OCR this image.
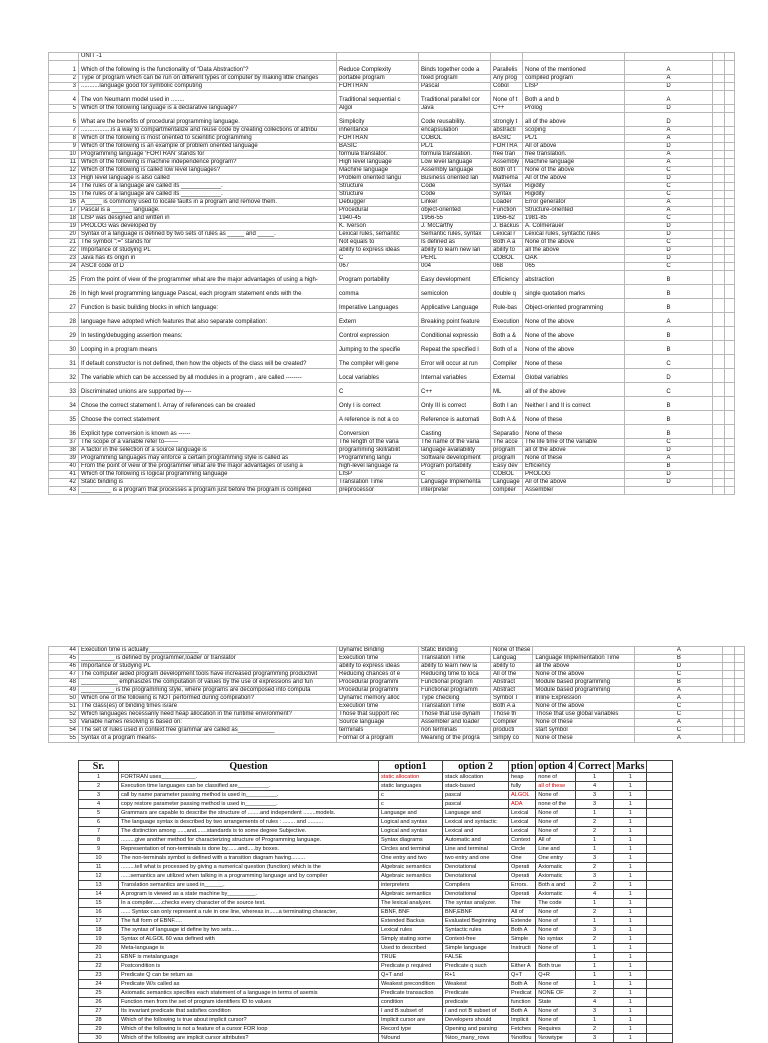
	UNIT -1							
1	Which of the following is the functionality of “Data Abstraction”?	Reduce Complexity	Binds together code a	Parallelis	None of the mentioned	A		
2	Type of program which can be run on different types of computer by making little changes	portable program	fixed program	Any prog	compiled program	A		
3	...........language good for symbolic computing	FORTRAN	Pascal	Cobol	LISP	D		
4	The von Neumann model used in ........	Traditional sequential c	Traditional parallel cor	None of t	Both a and b	A		
5	Which of the following language is a declarative language?	Algol	Java	C++	Prolog	D		
6	What are the benefits of procedural programming language.	Simplicity	Code reusability.	strongly t	all of the above	D		
7	..................is a way to compartmentalize and reuse code by creating collections of attribu	inheritance	encapsulation	abstracti	scoping	A		
8	Which of the following is most oriented to scientific programming	FORTRAN	COBOL	BASIC	PL/1	A		
9	Which of the following is an example of problem oriented language	BASIC	PL/1	FORTRA	All of above	D		
10	Programming language ‘FORTRAN’ stands for	formula translator.	formula translation.	free tran	free translation.	A		
11	Which of the following is machine independence program?	High level language	Low level language	Assembly	Machine language	A		
12	Which of the following is called low level languages?	Machine language	Assembly language	Both of t	None of the above	C		
13	High level language is also called	Problem oriented langu	Business oriented lan	Mathema	All of the above	D		
14	The rules of a language are called its ____________.	Structure	Code	Syntax	Rigidity	C		
15	The rules of a language are called its ____________.	Structure	Code	Syntax	Rigidity	C		
16	A_____ is commonly used to locate faults in a program and remove them.	Debugger	Linker	Loader	Error generator	A		
17	Pascal is a ______ language.	Procedural	object-oriented	Function	Structure-oriented	A		
18	LISP was designed and written in	1940-45	1956-55	1956-62	1981-85	C		
19	PROLOG was developed by	K. Iverson	J. McCarthy	J. Backus	A. Colmerauer	D		
20	Syntax of a language is defined by two sets of rules as _____ and _____.	Lexical rules, semantic	Semantic rules, syntax	Lexical r	Lexical rules, syntactic rules	D		
21	The symbol ":=" stands for	Not equals to	Is defined as	Both A a	None of the above	C		
22	Importance of studying PL	ability to express ideas	ability to learn new lan	ability to	all the above	D		
23	Java has its origin in	C	PERL	COBOL	OAK	D		
24	ASCII code of D	067	004	068	065	C		
25	From the point of view of the programmer what are the major advantages of using a high-	Program portability	Easy development	Efficiency	abstraction	B		
26	In high level programming language Pascal, each program statement ends with the	comma	semicolon	double q	single quotation marks	B		
27	Function is basic building blocks in which language:	Imperative Languages	Applicative Language	Rule-bas	Object-oriented programming	B		
28	language have adopted which features that also separate compilation:	Extern	Breaking point feature	Execution	None of the above	A		
29	In testing/debugging assertion means:	Control expression	Conditional expressio	Both a &	None of the above	B		
30	Looping in a program means	Jumping to the specifie	Repeat the specified l	Both of a	None of the above	B		
31	If default constructor is not defined, then how the objects of the class will be created?	The compiler will gene	Error will occur at run	Compiler	None of these	C		
32	The variable which can be accessed by all modules in a program , are called --------	Local variables	Internal variables	External	Global variables	D		
33	Discriminated unions are supported by----	C	C++	ML	all of the above	C		
34	Chose the correct statement I. Array of references can be created	Only I is correct	Only III is correct	Both I an	Neither I and II is correct	B		
35	Choose the correct statement	A reference is not a co	Reference is automati	Both A &	None of these	B		
36	Explicit type conversion is known as ------	Conversion	Casting	Separatio	None of these	B		
37	The scope of a variable refer to-------	The length of the varia	The name of the varia	The acce	The life time of the variable	C		
38	A factor in the selection of a source language is	programming skill/abilit	language availability	program	all of the above	D		
39	Programming languages may enforce a certain programming style is called as	Programming langu	Software development	program	None of these	A		
40	From the point of view of the programmer what are the major advantages of using a	high-level language ra	Program portability	Easy dev	Efficiency	B		
41	Which of the following is logical programming language	LISP	C	COBOL	PROLOG	D		
42	Static binding is	Translation Time	Language Implementa	Language	All of the above	D		
43	_________ is a program that processes a program just before the program is compiled	preprocessor	interpreter	compiler	Assembler			
44	Execution time is actually_______________	Dynamic Binding	Static Binding	None of these		A		
45	__________ is defined by programmer,loader or translator	Execution time	Translation Time	Languag	Language Implementation Time	B		
46	Importance of studying PL	ability to express ideas	ability to learn new la	ability to	all the above	D		
47	The computer aided program development tools have increased programming productivit	Reducing chances of e	Reducing time to loca	All of the	None of the above	C		
48	___________ emphasizes the computation of values by the use of expressions and fun	Procedural programmi	Functional program	Abstract	Module based programming	B		
49	__________ is the programming style, where programs are decomposed into computa	Procedural programmi	Functional programm	Abstract	Module based programming	A		
50	Which one of the following is NOT performed during compilation?	Dynamic memory alloc	Type checking	Symbol T	Inline Expression	A		
51	The class(es) of binding times is/are	Execution time	Translation Time	Both A a	None of the above	C		
52	Which languages necessarily need heap allocation in the runtime environment?	Those that support rec	Those that use dynam	Those th	Those that use global variables	C		
53	Variable names resolving is based on:	Source language	Assembler and loader	Compiler	None of these	A		
54	The set of rules used in context free grammar are called as___________	terminals	non terminals	producti	start symbol	C		
55	Syntax of a program means-	Formal of a program	Meaning of the progra	Simply co	None of these	A		
Sr.	Question	option1	option 2	ption	option 4	Correct	Marks	
1	FORTRAN uses___________.	static allocation	stack allocation	heap	none of	1	1	
2	Execution time languages can be classified are__________.	static languages	stack-based	fully	all of these	4	1	
3	call by name parameter passing method is used in__________.	c	pascal	ALGOL	None of	3	1	
4	copy restore parameter passing method is used in__________.	c	pascal	ADA	none of the	3	1	
5	Grammars are capable to describe the structure of ........and independent ........models.	Language and	Language and	Lexical	None of	1	1	
6	The language syntax is described by two arrangements of rules : ........ and ..........	Logical and syntax	Lexical and syntactic	Lexical	None of	2	1	
7	The distinction among ......and.......standards is to some degree Subjective.	Logical and syntax	Lexical and	Lexical	None of	2	1	
8	.........give another method for characterizing structure of Programming language.	Syntax diagrams	Automatic and	Context	All of	1	1	
9	Representation of non-terminals is done by.......and.....by boxes.	Circles and terminal	Line and terminal	Circle	Line and	1	1	
10	The non-terminals symbol is defined with a transition diagram having.........	One entry and two	two entry and one	One	One entry	3	1	
11	.........tell what is processed by giving a numerical question (function) which is the	Algebraic semantics	Denotational	Operati	Axiomatic	2	1	
12	......semantics are utilized when talking in a programming language and by compiler	Algebraic semantics	Denotational	Operati	Axiomatic	3	1	
13	Translation semantics are used in______.	interpreters	Compilers	Errors.	Both a and	2	1	
14	A program is viewed as a state machine by_________.	Algebraic semantics	Denotational	Operati	Axiomatic	4	1	
15	In a compiler......checks every character of the source text.	The lexical analyzer.	The syntax analyzer.	The	The code	1	1	
16	...... Syntax can only represent a rule in one line, whereas in......a terminating character,	EBNF, BNF	BNF,EBNF	All of	None of	2	1	
17	The full form of EBNF.....	Extended Backus	Evaluated Beginning	Extende	None of	1	1	
18	The syntax of language id define by two sets.....	Lexical rules	Syntactic rules	Both A	None of	3	1	
19	Syntax of ALGOL 60 was defined with	Simply stating some	Context-free	Simple	No syntax	2	1	
20	Meta-language is	Used to described	Simple language	Instructi	None of	1	1	
21	EBNF is metalanguage	TRUE	FALSE			1	1	
22	Postcondition is	Predicate p required	Predicate q such	Either A	Both true	1	1	
23	Predicate Q can be return as	Q+T and	R+1	Q+T	Q+R	1	1	
24	Predicate W/s called as	Weakest precondition	Weakest	Both A	None of	1	1	
25	Axiomatic semantics specifies each statement of a language in terms of asemis	Predicate transaction	Predicate	Predicat	NONE OF	2	1	
26	Function men from the set of program identifiers ID to values	condition	predicate	function	State	4	1	
27	Its invariant predicate that satisfies condition	I and B subset of	I and not B subset of	Both A	None of	3	1	
28	Which of the following is true about implicit cursor?	Implicit cursor are	Developers should	Implicit	None of	1	1	
29	Which of the following is not a feature of a cursor FOR loop	Record type	Opening and parsing	Fetches	Requires	2	1	
30	Which of the following are implicit cursor attributes?	%found	%too_many_rows	%notfou	%rowtype	3	1	
